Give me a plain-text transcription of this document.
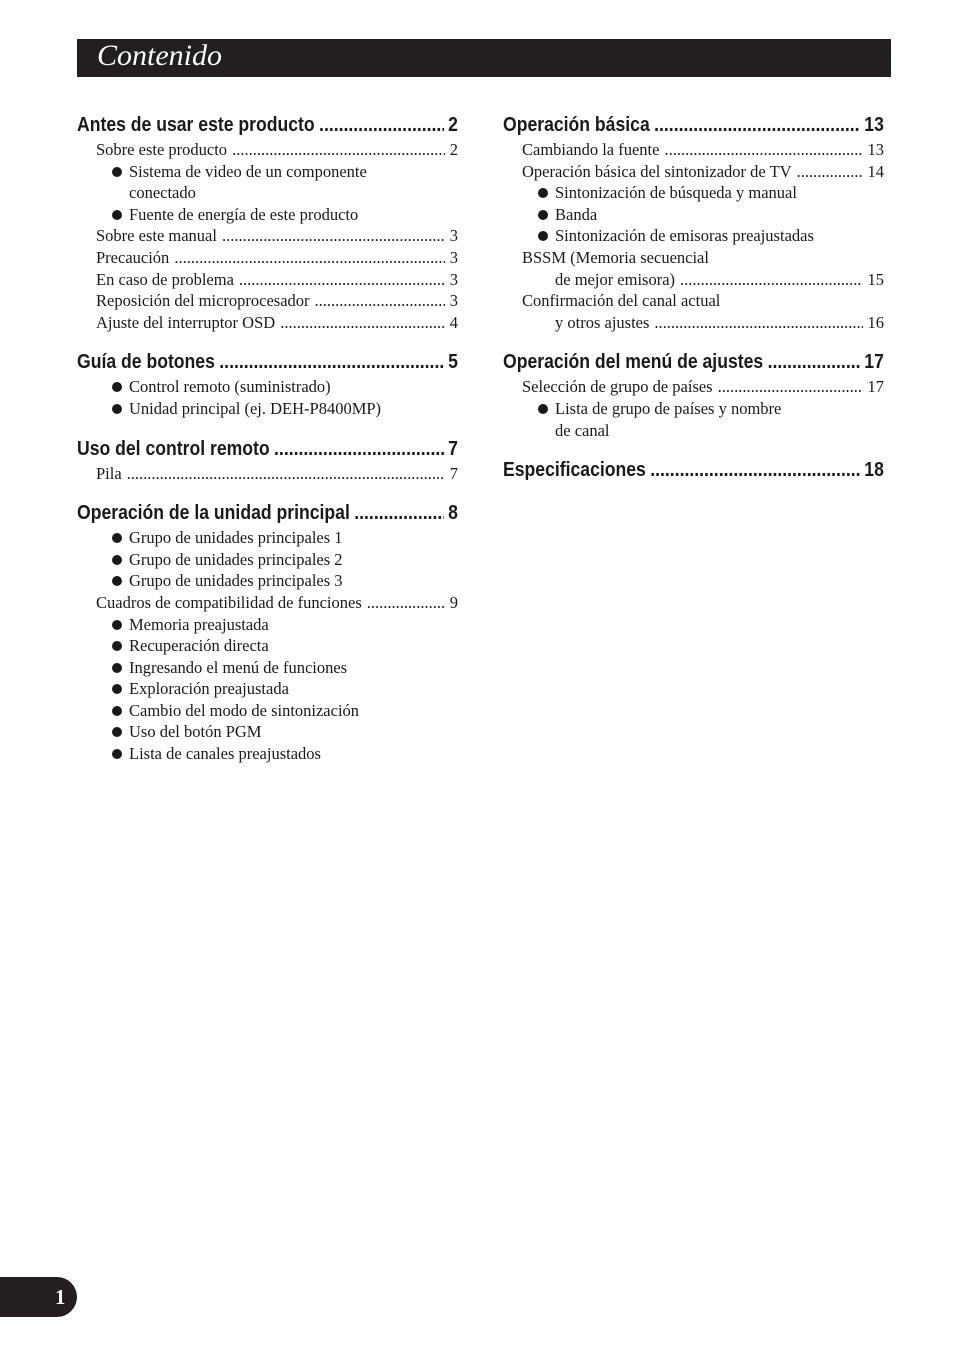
Contenido
Antes de usar este producto .....	2
Sobre este producto .....	2
Sistema de video de un componente
conectado
Fuente de energía de este producto
Sobre este manual .....	3
Precaución .....	3
En caso de problema .....	3
Reposición del microprocesador .....	3
Ajuste del interruptor OSD .....	4
Guía de botones .....	5
Control remoto (suministrado)
Unidad principal (ej. DEH-P8400MP)
Uso del control remoto .....	7
Pila .....	7
Operación de la unidad principal .....	8
Grupo de unidades principales 1
Grupo de unidades principales 2
Grupo de unidades principales 3
Cuadros de compatibilidad de funciones .....	9
Memoria preajustada
Recuperación directa
Ingresando el menú de funciones
Exploración preajustada
Cambio del modo de sintonización
Uso del botón PGM
Lista de canales preajustados
Operación básica .....	13
Cambiando la fuente .....	13
Operación básica del sintonizador de TV .....	14
Sintonización de búsqueda y manual
Banda
Sintonización de emisoras preajustadas
BSSM (Memoria secuencial
de mejor emisora) .....	15
Confirmación del canal actual
y otros ajustes .....	16
Operación del menú de ajustes .....	17
Selección de grupo de países .....	17
Lista de grupo de países y nombre
de canal
Especificaciones .....	18
1
